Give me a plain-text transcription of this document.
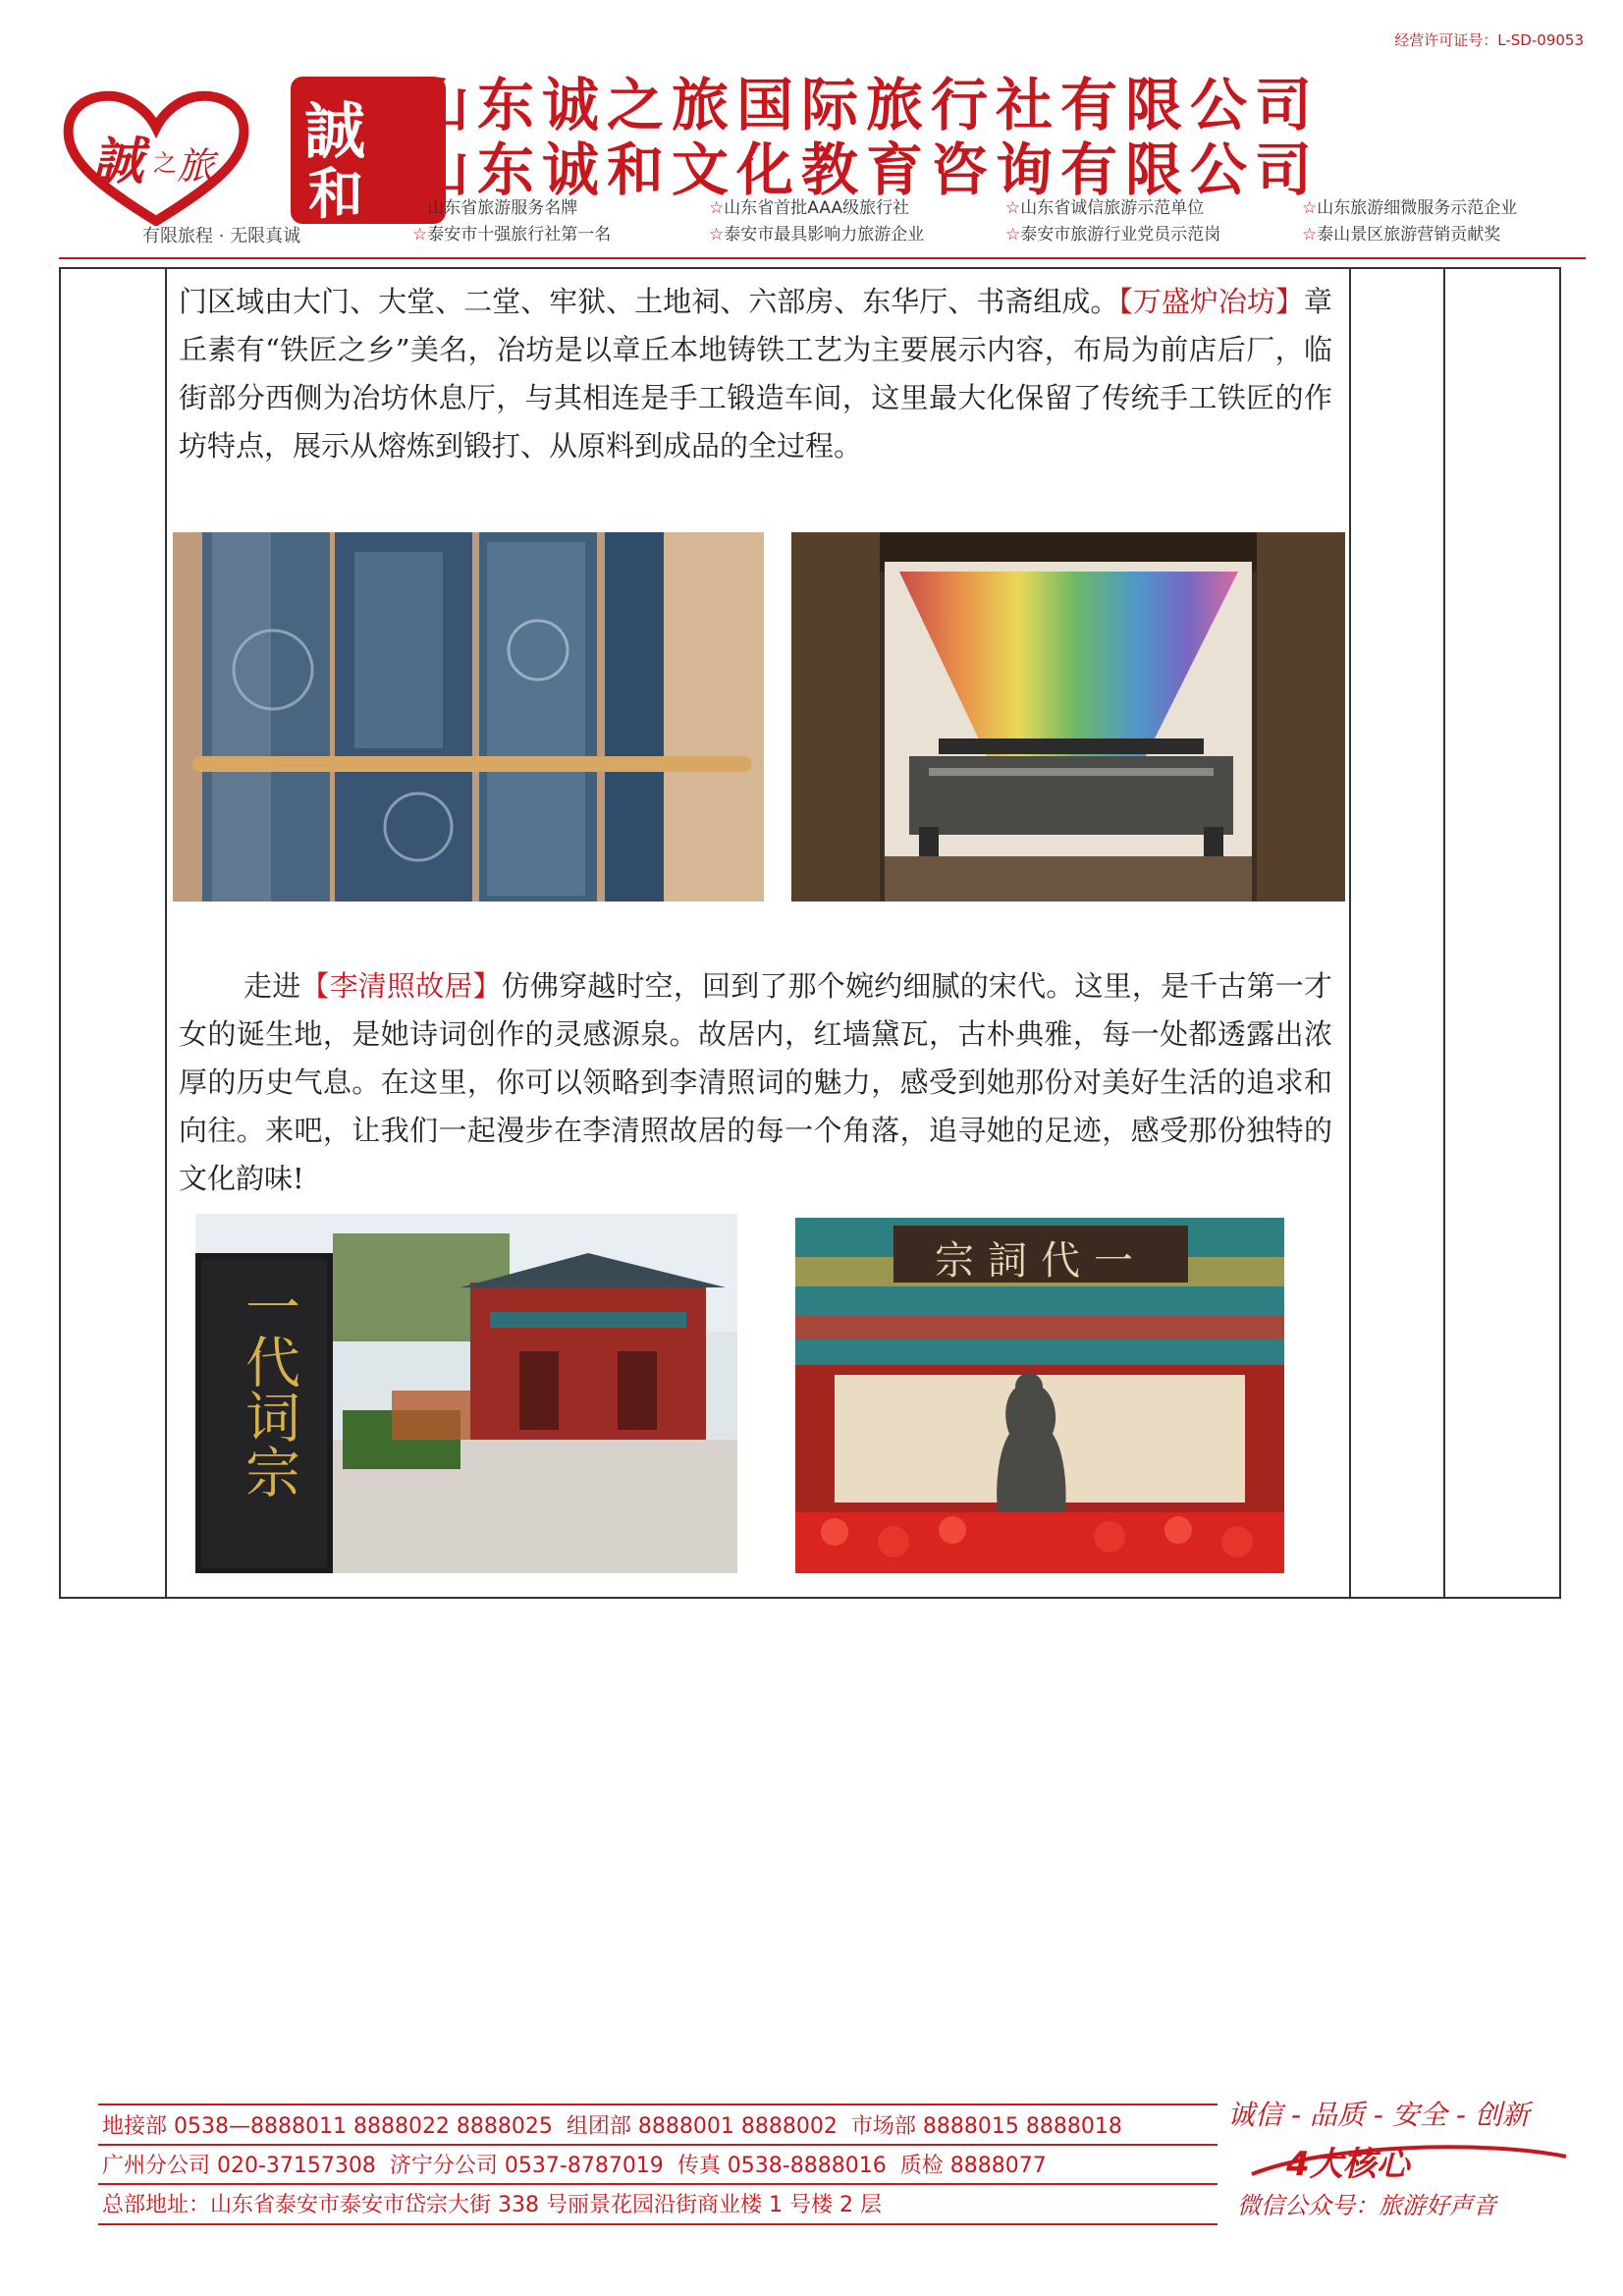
经营许可证号：L-SD-09053
誠 之 旅 誠
和
有限旅程 · 无限真诚
山东诚之旅国际旅行社有限公司
山东诚和文化教育咨询有限公司
☆山东省旅游服务名牌	☆山东省首批AAA级旅行社	☆山东省诚信旅游示范单位	☆山东旅游细微服务示范企业
☆泰安市十强旅行社第一名	☆泰安市最具影响力旅游企业	☆泰安市旅游行业党员示范岗	☆泰山景区旅游营销贡献奖
门区域由大门、大堂、二堂、牢狱、土地祠、六部房、东华厅、书斋组成。【万盛炉冶坊】章丘素有“铁匠之乡”美名，冶坊是以章丘本地铸铁工艺为主要展示内容，布局为前店后厂，临街部分西侧为冶坊休息厅，与其相连是手工锻造车间，这里最大化保留了传统手工铁匠的作坊特点，展示从熔炼到锻打、从原料到成品的全过程。
走进【李清照故居】仿佛穿越时空，回到了那个婉约细腻的宋代。这里，是千古第一才女的诞生地，是她诗词创作的灵感源泉。故居内，红墙黛瓦，古朴典雅，每一处都透露出浓厚的历史气息。在这里，你可以领略到李清照词的魅力，感受到她那份对美好生活的追求和向往。来吧，让我们一起漫步在李清照故居的每一个角落，追寻她的足迹，感受那份独特的文化韵味!
一代词宗
宗詞代一
地接部 0538—8888011 8888022 8888025 组团部 8888001 8888002 市场部 8888015 8888018
广州分公司 020-37157308 济宁分公司 0537-8787019 传真 0538-8888016 质检 8888077
总部地址：山东省泰安市泰安市岱宗大街 338 号丽景花园沿街商业楼 1 号楼 2 层
诚信 - 品质 - 安全 - 创新
4大核心
微信公众号：旅游好声音
